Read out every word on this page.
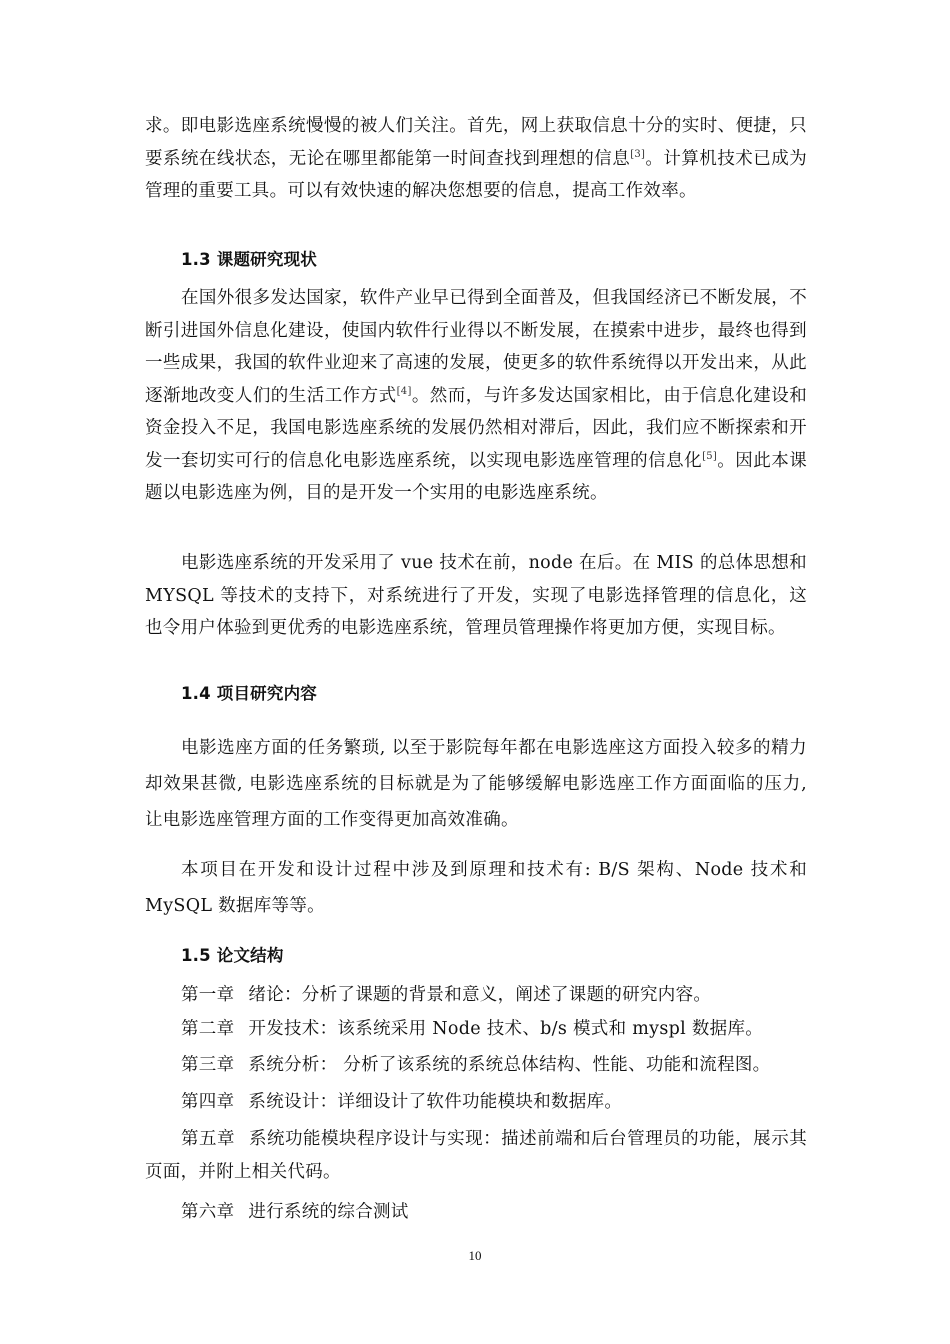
求。即电影选座系统慢慢的被人们关注。首先，网上获取信息十分的实时、便捷，只要系统在线状态，无论在哪里都能第一时间查找到理想的信息[3]。计算机技术已成为管理的重要工具。可以有效快速的解决您想要的信息，提高工作效率。

1.3 课题研究现状

在国外很多发达国家，软件产业早已得到全面普及，但我国经济已不断发展，不断引进国外信息化建设，使国内软件行业得以不断发展，在摸索中进步，最终也得到一些成果，我国的软件业迎来了高速的发展，使更多的软件系统得以开发出来，从此逐渐地改变人们的生活工作方式[4]。然而，与许多发达国家相比，由于信息化建设和资金投入不足，我国电影选座系统的发展仍然相对滞后，因此，我们应不断探索和开发一套切实可行的信息化电影选座系统，以实现电影选座管理的信息化[5]。因此本课题以电影选座为例，目的是开发一个实用的电影选座系统。

电影选座系统的开发采用了 vue 技术在前，node 在后。在 MIS 的总体思想和 MYSQL 等技术的支持下，对系统进行了开发，实现了电影选择管理的信息化，这也令用户体验到更优秀的电影选座系统，管理员管理操作将更加方便，实现目标。

1.4 项目研究内容

电影选座方面的任务繁琐, 以至于影院每年都在电影选座这方面投入较多的精力却效果甚微, 电影选座系统的目标就是为了能够缓解电影选座工作方面面临的压力, 让电影选座管理方面的工作变得更加高效准确。

本项目在开发和设计过程中涉及到原理和技术有: B/S 架构、Node 技术和 MySQL 数据库等等。

1.5 论文结构

第一章 绪论：分析了课题的背景和意义，阐述了课题的研究内容。

第二章 开发技术：该系统采用 Node 技术、b/s 模式和 myspl 数据库。

第三章 系统分析： 分析了该系统的系统总体结构、性能、功能和流程图。

第四章 系统设计：详细设计了软件功能模块和数据库。

第五章 系统功能模块程序设计与实现：描述前端和后台管理员的功能，展示其页面，并附上相关代码。

第六章 进行系统的综合测试

10
